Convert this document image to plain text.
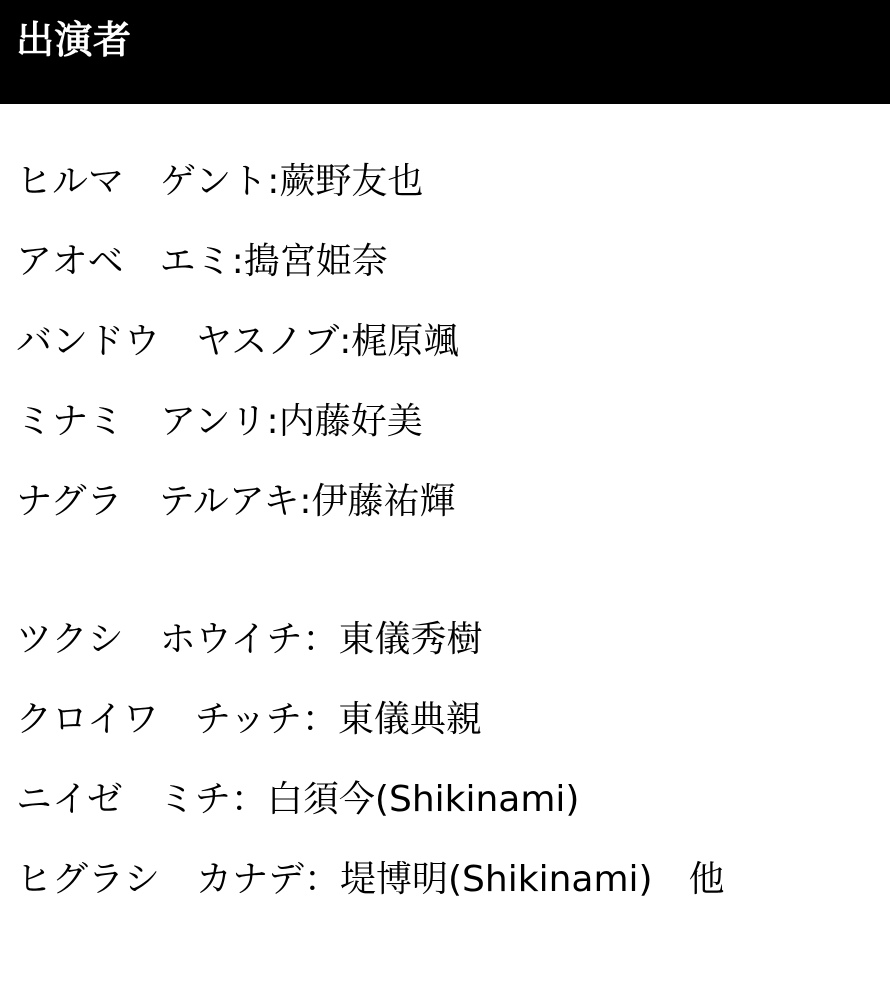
出演者
ヒルマ　ゲント:蕨野友也
アオベ　エミ:搗宮姫奈
バンドウ　ヤスノブ:梶原颯
ミナミ　アンリ:内藤好美
ナグラ　テルアキ:伊藤祐輝
ツクシ　ホウイチ：東儀秀樹
クロイワ　チッチ：東儀典親
ニイゼ　ミチ：白須今(Shikinami)
ヒグラシ　カナデ：堤博明(Shikinami)　他
